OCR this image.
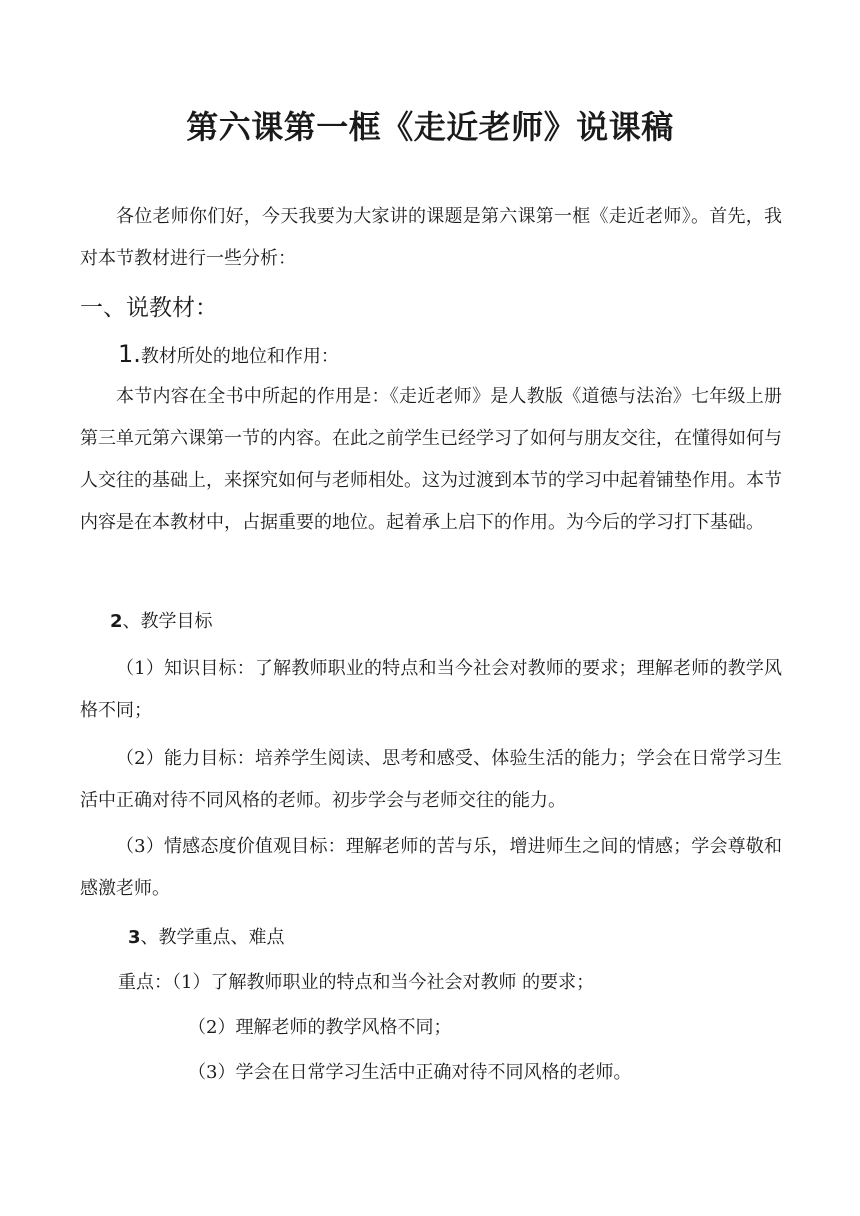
第六课第一框《走近老师》说课稿
各位老师你们好，今天我要为大家讲的课题是第六课第一框《走近老师》。首先，我对本节教材进行一些分析：
一、说教材：
1.教材所处的地位和作用：
本节内容在全书中所起的作用是：《走近老师》是人教版《道德与法治》七年级上册第三单元第六课第一节的内容。在此之前学生已经学习了如何与朋友交往，在懂得如何与人交往的基础上，来探究如何与老师相处。这为过渡到本节的学习中起着铺垫作用。本节内容是在本教材中，占据重要的地位。起着承上启下的作用。为今后的学习打下基础。
2、教学目标
（1）知识目标：了解教师职业的特点和当今社会对教师的要求；理解老师的教学风格不同；
（2）能力目标：培养学生阅读、思考和感受、体验生活的能力；学会在日常学习生活中正确对待不同风格的老师。初步学会与老师交往的能力。
（3）情感态度价值观目标：理解老师的苦与乐，增进师生之间的情感；学会尊敬和感激老师。
3、教学重点、难点
重点：（1）了解教师职业的特点和当今社会对教师 的要求；
（2）理解老师的教学风格不同；
（3）学会在日常学习生活中正确对待不同风格的老师。
